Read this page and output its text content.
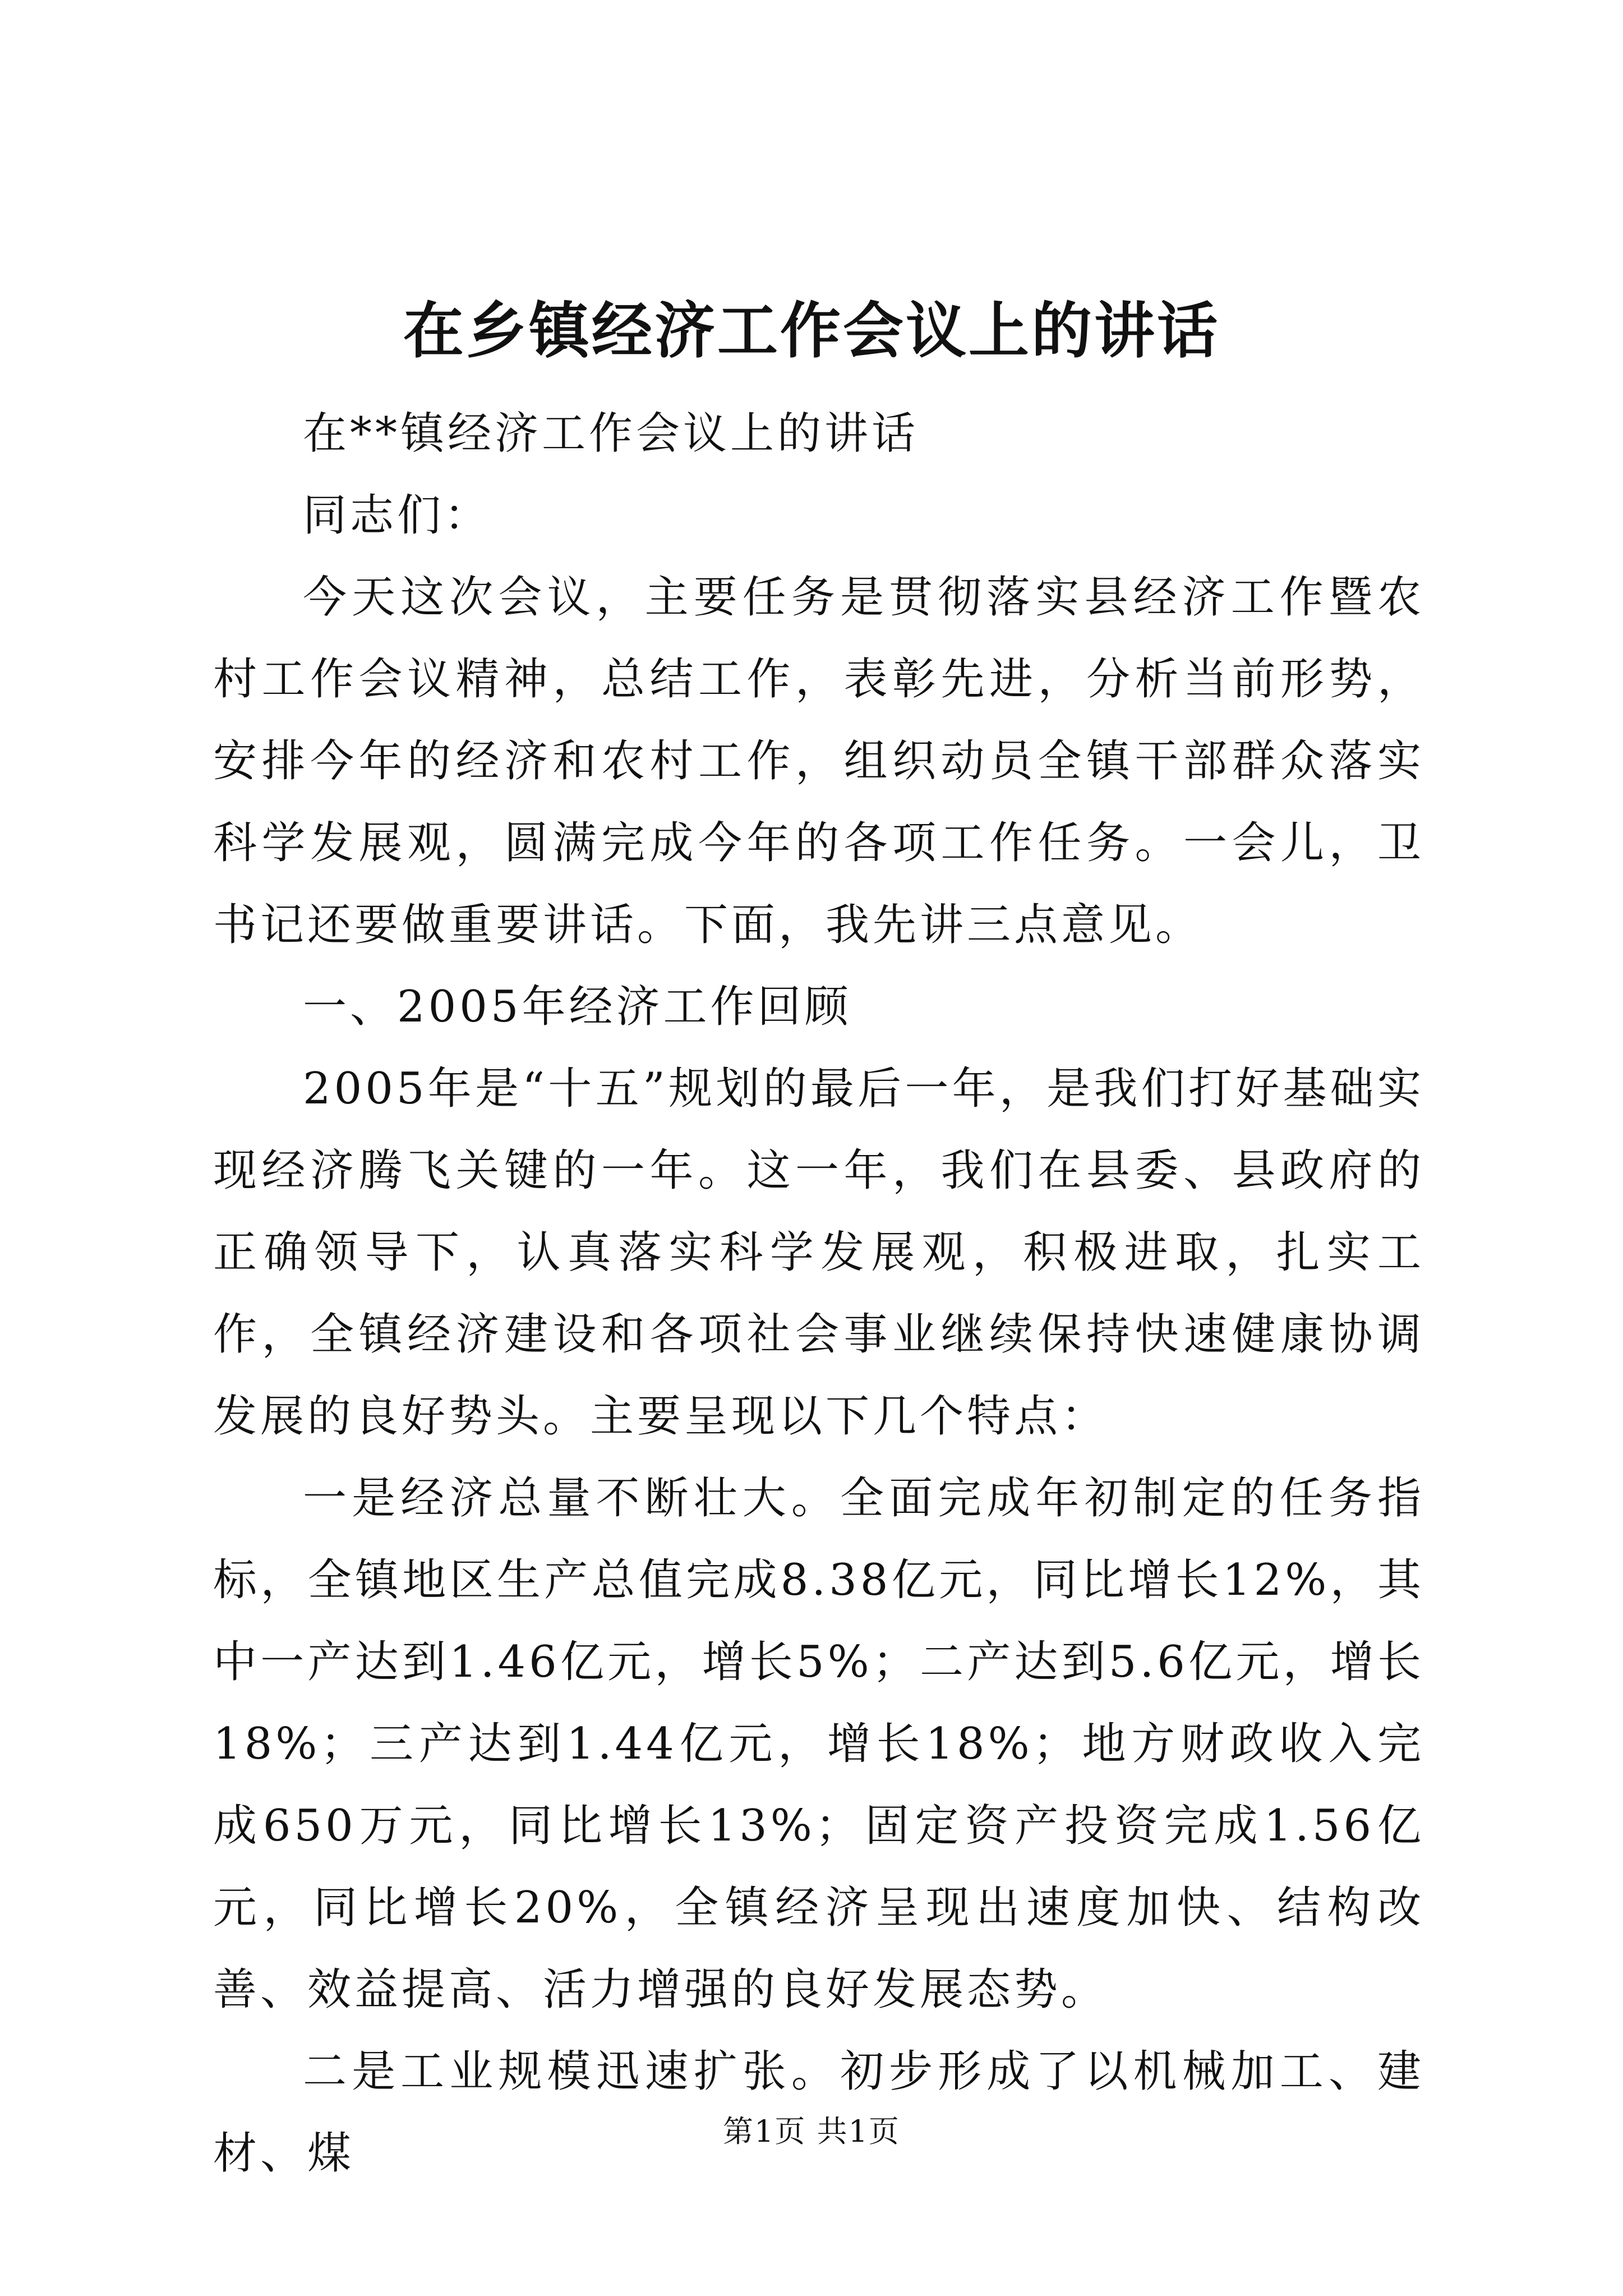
在乡镇经济工作会议上的讲话

在**镇经济工作会议上的讲话

同志们：

今天这次会议，主要任务是贯彻落实县经济工作暨农村工作会议精神，总结工作，表彰先进，分析当前形势，安排今年的经济和农村工作，组织动员全镇干部群众落实科学发展观，圆满完成今年的各项工作任务。一会儿，卫书记还要做重要讲话。下面，我先讲三点意见。

一、2005年经济工作回顾

2005年是“十五”规划的最后一年，是我们打好基础实现经济腾飞关键的一年。这一年，我们在县委、县政府的正确领导下，认真落实科学发展观，积极进取，扎实工作，全镇经济建设和各项社会事业继续保持快速健康协调发展的良好势头。主要呈现以下几个特点：

一是经济总量不断壮大。全面完成年初制定的任务指标，全镇地区生产总值完成8.38亿元，同比增长12%，其中一产达到1.46亿元，增长5%；二产达到5.6亿元，增长18%；三产达到1.44亿元，增长18%；地方财政收入完成650万元，同比增长13%；固定资产投资完成1.56亿元，同比增长20%，全镇经济呈现出速度加快、结构改善、效益提高、活力增强的良好发展态势。

二是工业规模迅速扩张。初步形成了以机械加工、建材、煤	第1页 共1页
